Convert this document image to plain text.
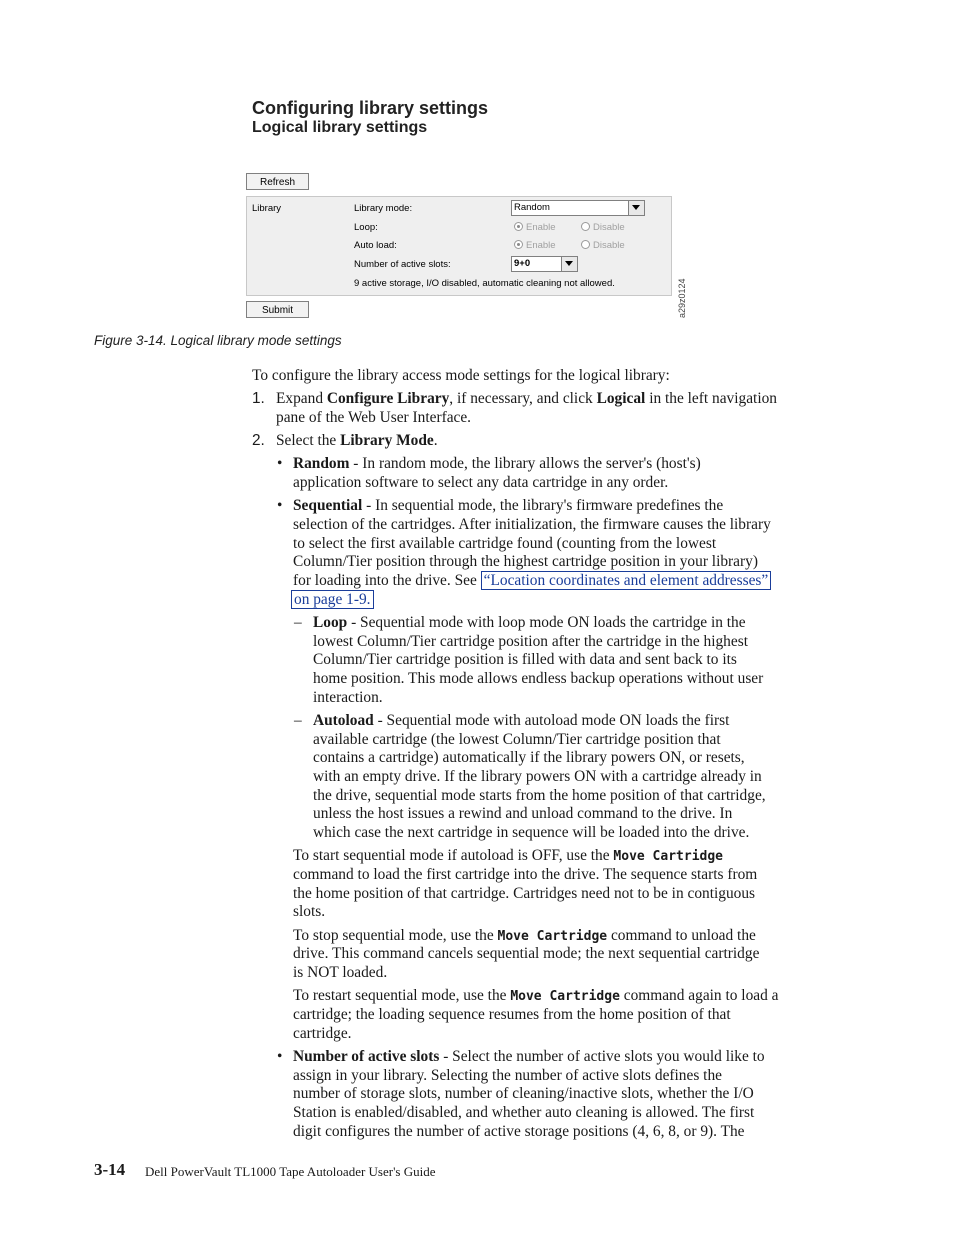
Configuring library settings
Logical library settings
Refresh
Library	Library mode:	Random
Loop:	Enable	Disable
Auto load:	Enable	Disable
Number of active slots:	9+0
9 active storage, I/O disabled, automatic cleaning not allowed.
Submit	a29z0124
Figure 3-14. Logical library mode settings
To configure the library access mode settings for the logical library:
1. Expand Configure Library, if necessary, and click Logical in the left navigation
pane of the Web User Interface.
2. Select the Library Mode.
• Random - In random mode, the library allows the server's (host's)
application software to select any data cartridge in any order.
• Sequential - In sequential mode, the library's firmware predefines the
selection of the cartridges. After initialization, the firmware causes the library
to select the first available cartridge found (counting from the lowest
Column/Tier position through the highest cartridge position in your library)
for loading into the drive. See “Location coordinates and element addresses”
on page 1-9.
– Loop - Sequential mode with loop mode ON loads the cartridge in the
lowest Column/Tier cartridge position after the cartridge in the highest
Column/Tier cartridge position is filled with data and sent back to its
home position. This mode allows endless backup operations without user
interaction.
– Autoload - Sequential mode with autoload mode ON loads the first
available cartridge (the lowest Column/Tier cartridge position that
contains a cartridge) automatically if the library powers ON, or resets,
with an empty drive. If the library powers ON with a cartridge already in
the drive, sequential mode starts from the home position of that cartridge,
unless the host issues a rewind and unload command to the drive. In
which case the next cartridge in sequence will be loaded into the drive.
To start sequential mode if autoload is OFF, use the Move Cartridge
command to load the first cartridge into the drive. The sequence starts from
the home position of that cartridge. Cartridges need not to be in contiguous
slots.
To stop sequential mode, use the Move Cartridge command to unload the
drive. This command cancels sequential mode; the next sequential cartridge
is NOT loaded.
To restart sequential mode, use the Move Cartridge command again to load a
cartridge; the loading sequence resumes from the home position of that
cartridge.
• Number of active slots - Select the number of active slots you would like to
assign in your library. Selecting the number of active slots defines the
number of storage slots, number of cleaning/inactive slots, whether the I/O
Station is enabled/disabled, and whether auto cleaning is allowed. The first
digit configures the number of active storage positions (4, 6, 8, or 9). The
3-14 Dell PowerVault TL1000 Tape Autoloader User's Guide
